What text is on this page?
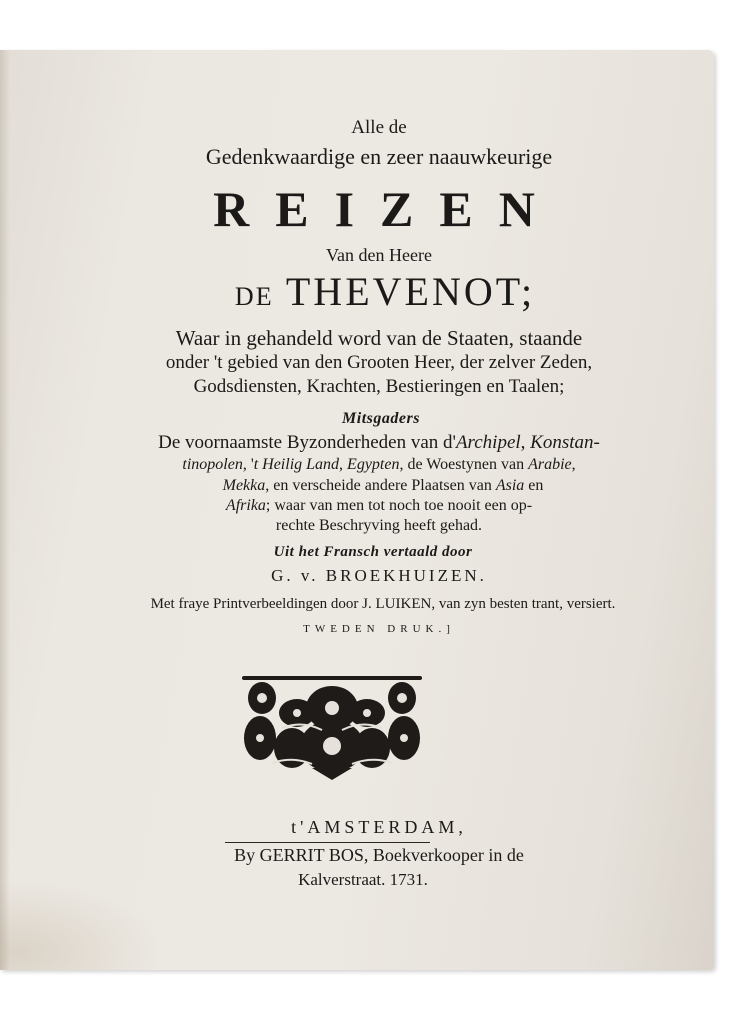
Alle de
Gedenkwaardige en zeer naauwkeurige
REIZEN
Van den Heere
DE THEVENOT;
Waar in gehandeld word van de Staaten, staande
onder 't gebied van den Grooten Heer, der zelver Zeden,
Godsdiensten, Krachten, Bestieringen en Taalen;
Mitsgaders
De voornaamste Byzonderheden van d'Archipel, Konstan-
tinopolen, 't Heilig Land, Egypten, de Woestynen van Arabie,
Mekka, en verscheide andere Plaatsen van Asia en
Afrika; waar van men tot noch toe nooit een op-
rechte Beschryving heeft gehad.
Uit het Fransch vertaald door
G. v. BROEKHUIZEN.
Met fraye Printverbeeldingen door J. LUIKEN, van zyn besten trant, versiert.
TWEDEN DRUK.]
t'AMSTERDAM,
By GERRIT BOS, Boekverkooper in de
Kalverstraat. 1731.
